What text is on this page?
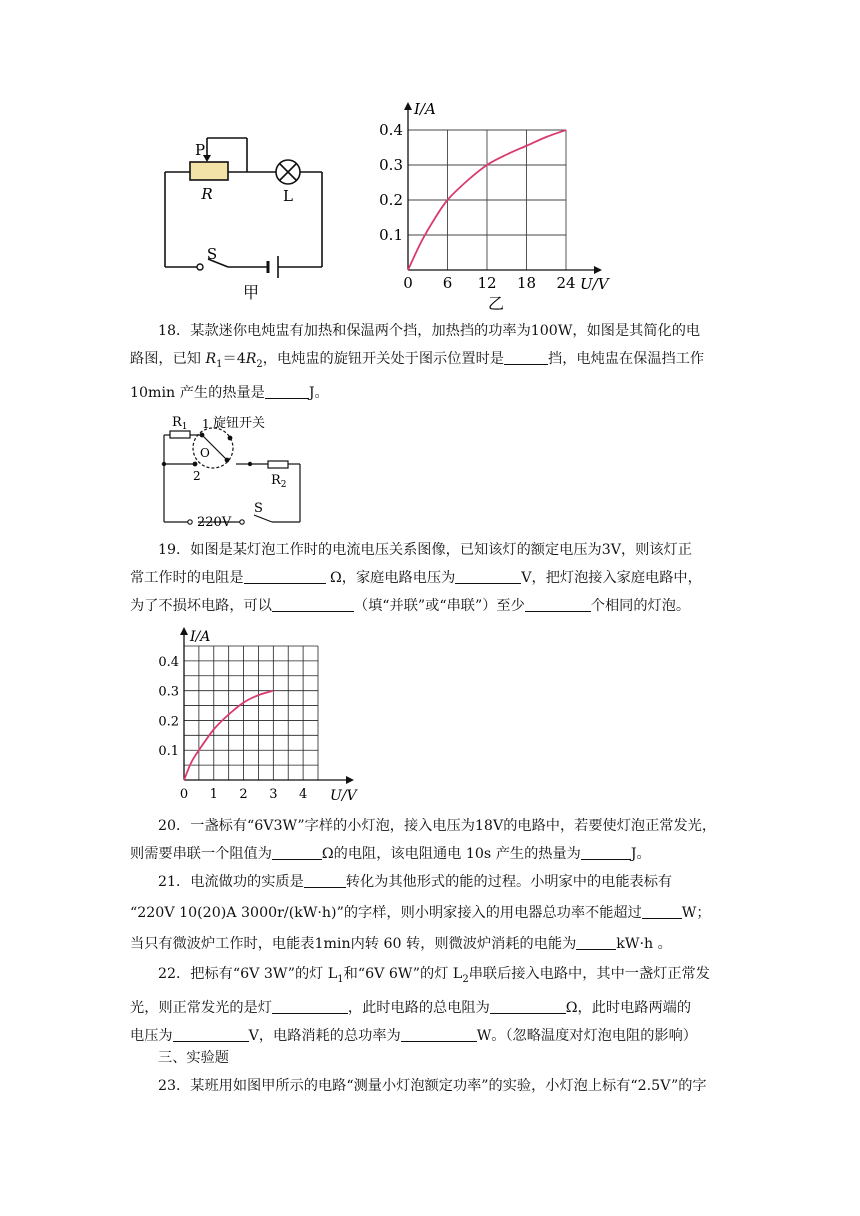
P
R	L
S
甲	0 6 12 18 24
0.1
0.2
0.3
0.4
I/A
U/V
乙

18．某款迷你电炖盅有加热和保温两个挡，加热挡的功率为100W，如图是其简化的电

路图，已知 $R_1=4R_2$，电炖盅的旋钮开关处于图示位置时是	挡，电炖盅在保温挡工作

10min 产生的热量是	J。

$R_1$ 1 旋钮开关
O
2	$R_2$
220V
S

19．如图是某灯泡工作时的电流电压关系图像，已知该灯的额定电压为3V，则该灯正

常工作时的电阻是	Ω，家庭电路电压为	V，把灯泡接入家庭电路中，

为了不损坏电路，可以	（填“并联”或“串联”）至少	个相同的灯泡。

0 1 2 3 4
0.1
0.2
0.3
0.4
I/A
U/V

20．一盏标有“6V3W”字样的小灯泡，接入电压为18V的电路中，若要使灯泡正常发光，

则需要串联一个阻值为	Ω的电阻，该电阻通电 10s 产生的热量为	J。

21．电流做功的实质是	转化为其他形式的能的过程。小明家中的电能表标有

“220V 10(20)A 3000r/(kW·h)”的字样，则小明家接入的用电器总功率不能超过	W；

当只有微波炉工作时，电能表1min内转 60 转，则微波炉消耗的电能为	kW·h 。

22．把标有“6V 3W”的灯 $L_1$和“6V 6W”的灯 $L_2$串联后接入电路中，其中一盏灯正常发

光，则正常发光的是灯	，此时电路的总电阻为	Ω，此时电路两端的

电压为	V，电路消耗的总功率为	W。（忽略温度对灯泡电阻的影响）

三、实验题

23．某班用如图甲所示的电路“测量小灯泡额定功率”的实验，小灯泡上标有“2.5V”的字
